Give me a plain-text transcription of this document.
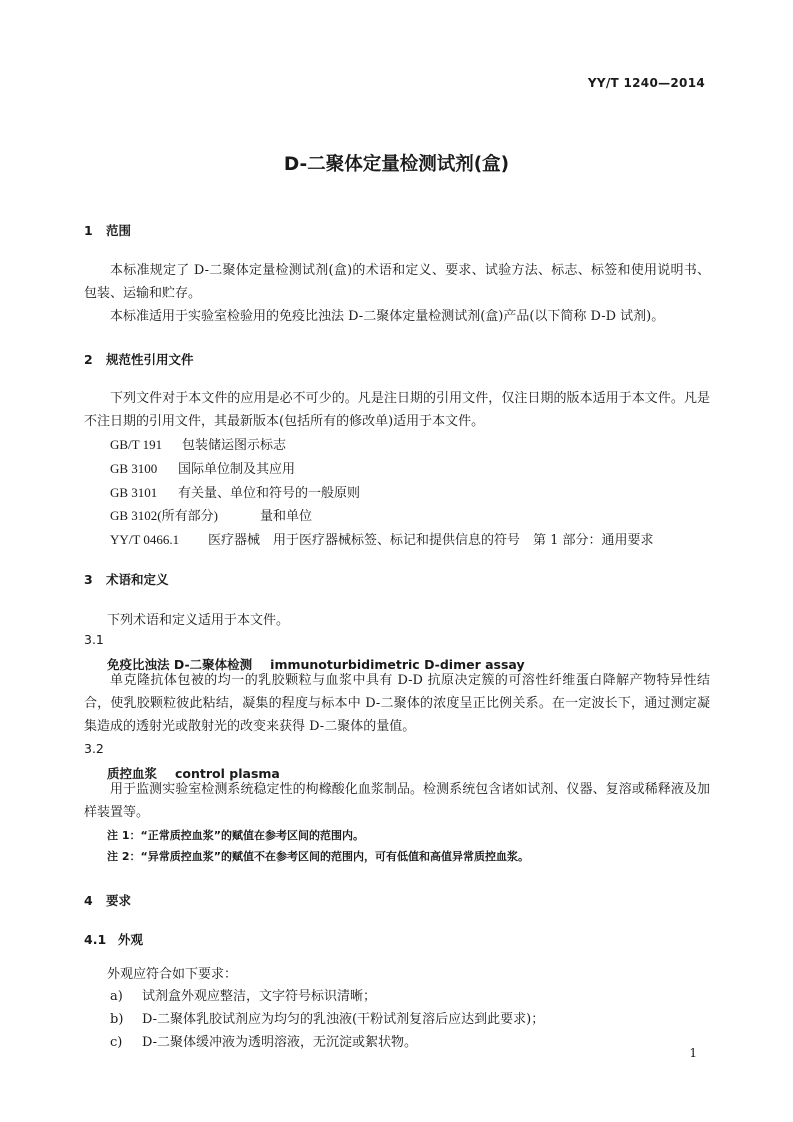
YY/T 1240—2014
D-二聚体定量检测试剂(盒)
1 范围
本标准规定了 D-二聚体定量检测试剂(盒)的术语和定义、要求、试验方法、标志、标签和使用说明书、包装、运输和贮存。
本标准适用于实验室检验用的免疫比浊法 D-二聚体定量检测试剂(盒)产品(以下简称 D-D 试剂)。
2 规范性引用文件
下列文件对于本文件的应用是必不可少的。凡是注日期的引用文件，仅注日期的版本适用于本文件。凡是不注日期的引用文件，其最新版本(包括所有的修改单)适用于本文件。
GB/T 191 包装储运图示标志
GB 3100 国际单位制及其应用
GB 3101 有关量、单位和符号的一般原则
GB 3102(所有部分)	量和单位
YY/T 0466.1 医疗器械　用于医疗器械标签、标记和提供信息的符号　第 1 部分：通用要求
3 术语和定义
下列术语和定义适用于本文件。
3.1
免疫比浊法 D-二聚体检测 immunoturbidimetric D-dimer assay
单克隆抗体包被的均一的乳胶颗粒与血浆中具有 D-D 抗原决定簇的可溶性纤维蛋白降解产物特异性结合，使乳胶颗粒彼此粘结，凝集的程度与标本中 D-二聚体的浓度呈正比例关系。在一定波长下，通过测定凝集造成的透射光或散射光的改变来获得 D-二聚体的量值。
3.2
质控血浆 control plasma
用于监测实验室检测系统稳定性的枸橼酸化血浆制品。检测系统包含诸如试剂、仪器、复溶或稀释液及加样装置等。
注 1：“正常质控血浆”的赋值在参考区间的范围内。
注 2：“异常质控血浆”的赋值不在参考区间的范围内，可有低值和高值异常质控血浆。
4 要求
4.1 外观
外观应符合如下要求：
a) 试剂盒外观应整洁，文字符号标识清晰；
b) D-二聚体乳胶试剂应为均匀的乳浊液(干粉试剂复溶后应达到此要求)；
c) D-二聚体缓冲液为透明溶液，无沉淀或絮状物。
1
